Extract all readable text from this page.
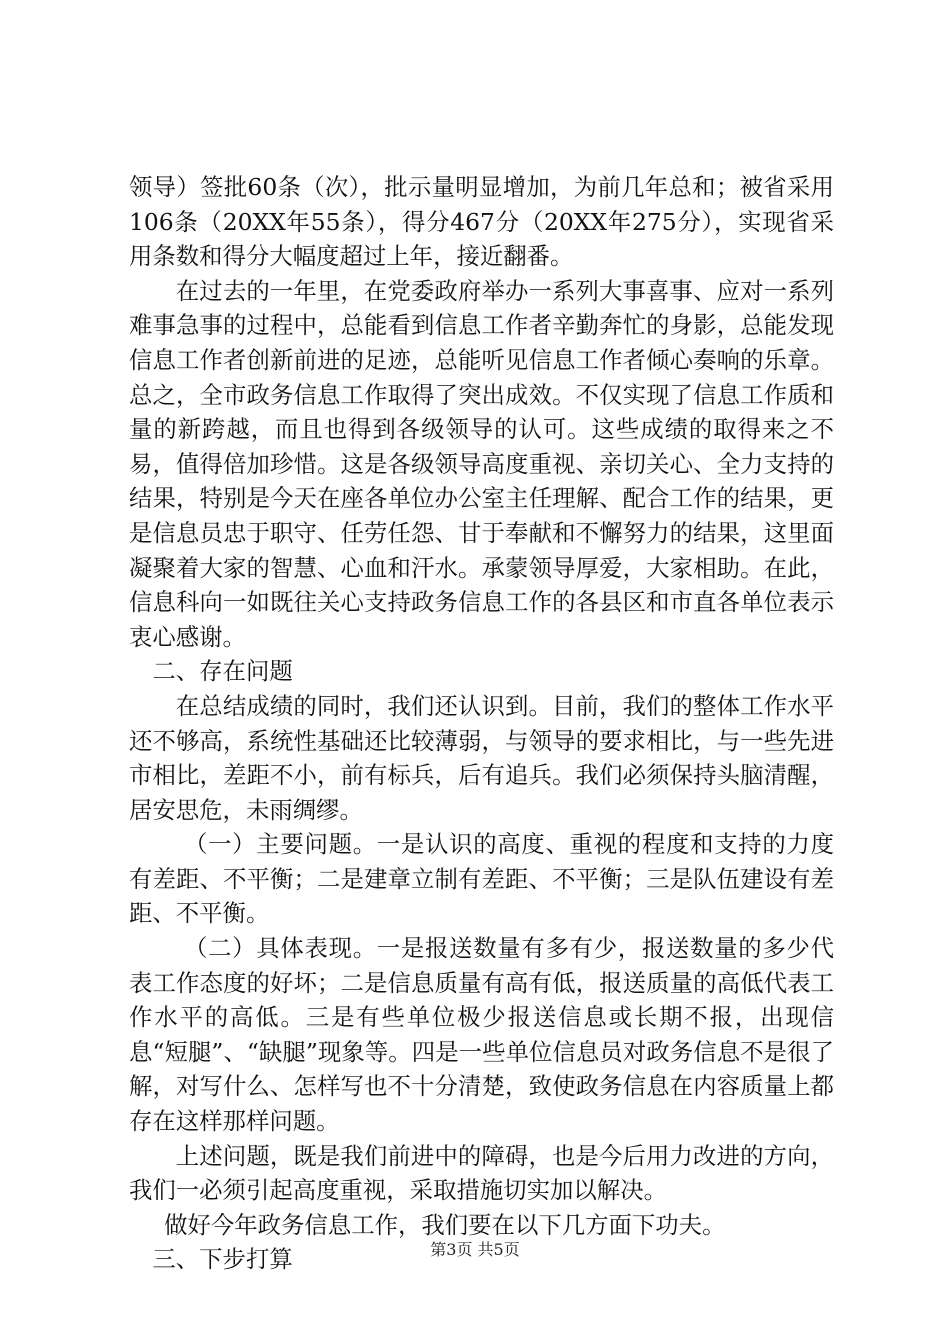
领导）签批60条（次），批示量明显增加，为前几年总和；被省采用106条（20XX年55条），得分467分（20XX年275分），实现省采用条数和得分大幅度超过上年，接近翻番。

在过去的一年里，在党委政府举办一系列大事喜事、应对一系列难事急事的过程中，总能看到信息工作者辛勤奔忙的身影，总能发现信息工作者创新前进的足迹，总能听见信息工作者倾心奏响的乐章。总之，全市政务信息工作取得了突出成效。不仅实现了信息工作质和量的新跨越，而且也得到各级领导的认可。这些成绩的取得来之不易，值得倍加珍惜。这是各级领导高度重视、亲切关心、全力支持的结果，特别是今天在座各单位办公室主任理解、配合工作的结果，更是信息员忠于职守、任劳任怨、甘于奉献和不懈努力的结果，这里面凝聚着大家的智慧、心血和汗水。承蒙领导厚爱，大家相助。在此，信息科向一如既往关心支持政务信息工作的各县区和市直各单位表示衷心感谢。

二、存在问题

在总结成绩的同时，我们还认识到。目前，我们的整体工作水平还不够高，系统性基础还比较薄弱，与领导的要求相比，与一些先进市相比，差距不小，前有标兵，后有追兵。我们必须保持头脑清醒，居安思危，未雨绸缪。

（一）主要问题。一是认识的高度、重视的程度和支持的力度有差距、不平衡；二是建章立制有差距、不平衡；三是队伍建设有差距、不平衡。

（二）具体表现。一是报送数量有多有少，报送数量的多少代表工作态度的好坏；二是信息质量有高有低，报送质量的高低代表工作水平的高低。三是有些单位极少报送信息或长期不报，出现信息“短腿”、“缺腿”现象等。四是一些单位信息员对政务信息不是很了解，对写什么、怎样写也不十分清楚，致使政务信息在内容质量上都存在这样那样问题。

上述问题，既是我们前进中的障碍，也是今后用力改进的方向，我们一必须引起高度重视，采取措施切实加以解决。

做好今年政务信息工作，我们要在以下几方面下功夫。

三、下步打算	第3页 共5页
